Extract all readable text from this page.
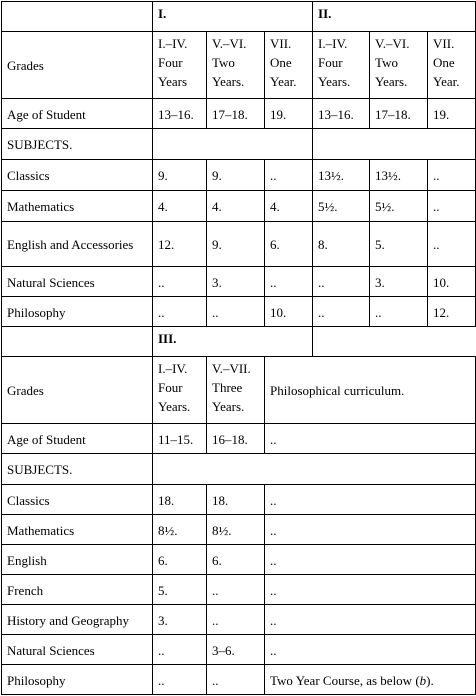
	I.			II.		
Grades	I.–IV. Four Years	V.–VI. Two Years.	VII. One Year.	I.–IV. Four Years.	V.–VI. Two Years.	VII. One Year.
Age of Student	13–16.	17–18.	19.	13–16.	17–18.	19.
SUBJECTS.						
Classics	9.	9.	..	13½.	13½.	..
Mathematics	4.	4.	4.	5½.	5½.	..
English and Accessories	12.	9.	6.	8.	5.	..
Natural Sciences	..	3.	..	..	3.	10.
Philosophy	..	..	10.	..	..	12.
	III.					
Grades	I.–IV. Four Years.	V.–VII. Three Years.	Philosophical curriculum.			
Age of Student	11–15.	16–18.	..			
SUBJECTS.						
Classics	18.	18.	..			
Mathematics	8½.	8½.	..			
English	6.	6.	..			
French	5.	..	..			
History and Geography	3.	..	..			
Natural Sciences	..	3–6.	..			
Philosophy	..	..	Two Year Course, as below (b).			
